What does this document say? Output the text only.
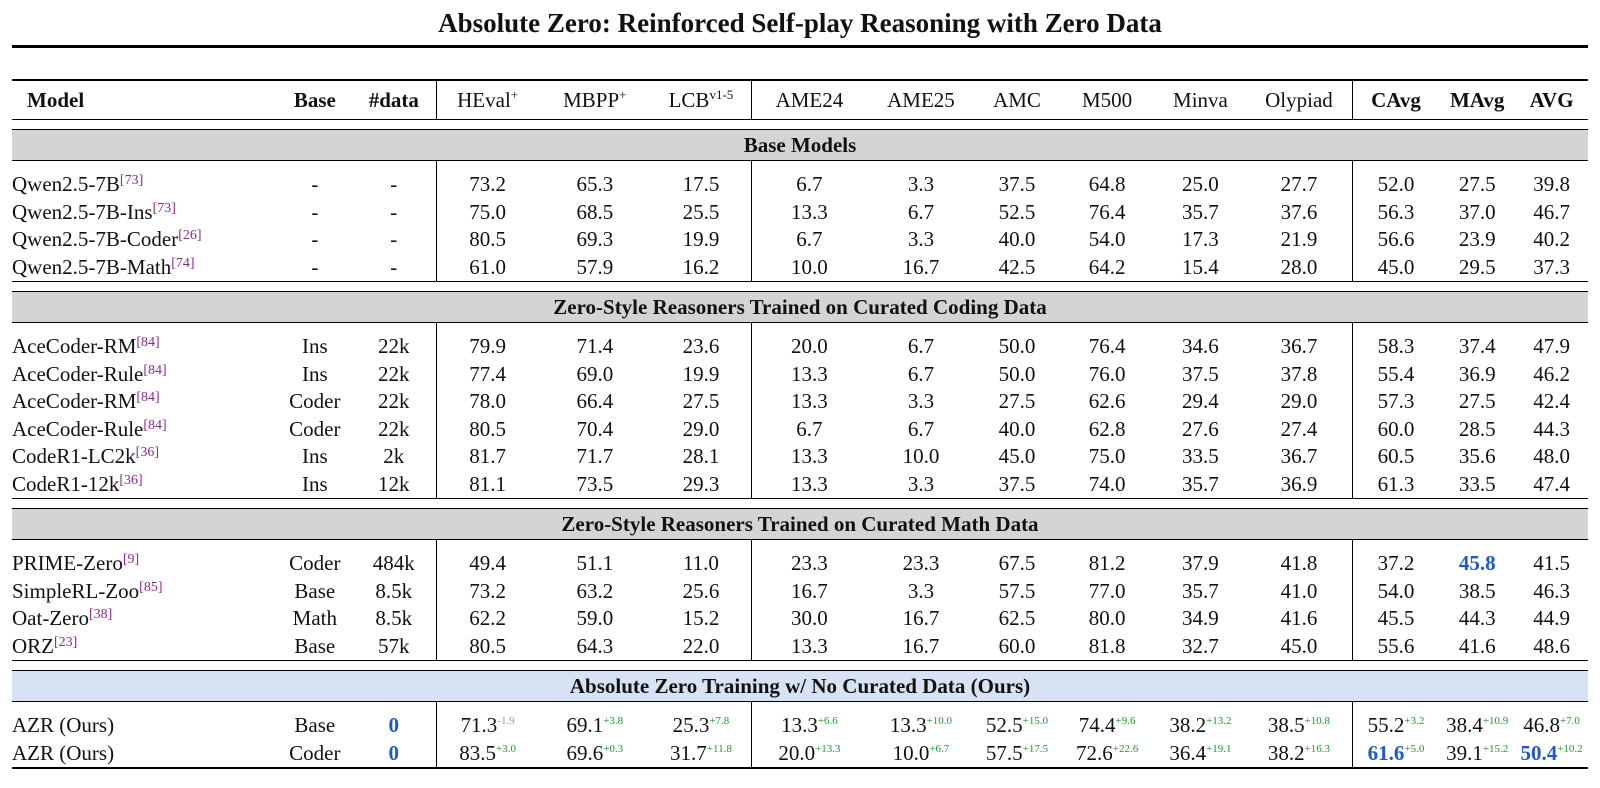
Absolute Zero: Reinforced Self-play Reasoning with Zero Data
Model	Base	#data	HEval+	MBPP+	$LCB^{v1-5}$	AME24	AME25	AMC	M500	Minva	Olypiad	CAvg	MAvg	AVG

Base Models														

Qwen2.5-7B[73]	-	-	73.2	65.3	17.5	6.7	3.3	37.5	64.8	25.0	27.7	52.0	27.5	39.8
Qwen2.5-7B-Ins[73]	-	-	75.0	68.5	25.5	13.3	6.7	52.5	76.4	35.7	37.6	56.3	37.0	46.7
Qwen2.5-7B-Coder[26]	-	-	80.5	69.3	19.9	6.7	3.3	40.0	54.0	17.3	21.9	56.6	23.9	40.2
Qwen2.5-7B-Math[74]	-	-	61.0	57.9	16.2	10.0	16.7	42.5	64.2	15.4	28.0	45.0	29.5	37.3

Zero-Style Reasoners Trained on Curated Coding Data														

AceCoder-RM[84]	Ins	22k	79.9	71.4	23.6	20.0	6.7	50.0	76.4	34.6	36.7	58.3	37.4	47.9
AceCoder-Rule[84]	Ins	22k	77.4	69.0	19.9	13.3	6.7	50.0	76.0	37.5	37.8	55.4	36.9	46.2
AceCoder-RM[84]	Coder	22k	78.0	66.4	27.5	13.3	3.3	27.5	62.6	29.4	29.0	57.3	27.5	42.4
AceCoder-Rule[84]	Coder	22k	80.5	70.4	29.0	6.7	6.7	40.0	62.8	27.6	27.4	60.0	28.5	44.3
CodeR1-LC2k[36]	Ins	2k	81.7	71.7	28.1	13.3	10.0	45.0	75.0	33.5	36.7	60.5	35.6	48.0
CodeR1-12k[36]	Ins	12k	81.1	73.5	29.3	13.3	3.3	37.5	74.0	35.7	36.9	61.3	33.5	47.4

Zero-Style Reasoners Trained on Curated Math Data														

PRIME-Zero[9]	Coder	484k	49.4	51.1	11.0	23.3	23.3	67.5	81.2	37.9	41.8	37.2	45.8	41.5
SimpleRL-Zoo[85]	Base	8.5k	73.2	63.2	25.6	16.7	3.3	57.5	77.0	35.7	41.0	54.0	38.5	46.3
Oat-Zero[38]	Math	8.5k	62.2	59.0	15.2	30.0	16.7	62.5	80.0	34.9	41.6	45.5	44.3	44.9
ORZ[23]	Base	57k	80.5	64.3	22.0	13.3	16.7	60.0	81.8	32.7	45.0	55.6	41.6	48.6

Absolute Zero Training w/ No Curated Data (Ours)														

AZR (Ours)	Base	0	$71.3^{-1.9}$	$69.1^{+3.8}$	$25.3^{+7.8}$	$13.3^{+6.6}$	$13.3^{+10.0}$	$52.5^{+15.0}$	$74.4^{+9.6}$	$38.2^{+13.2}$	$38.5^{+10.8}$	$55.2^{+3.2}$	$38.4^{+10.9}$	$46.8^{+7.0}$
AZR (Ours)	Coder	0	$83.5^{+3.0}$	$69.6^{+0.3}$	$31.7^{+11.8}$	$20.0^{+13.3}$	$10.0^{+6.7}$	$57.5^{+17.5}$	$72.6^{+22.6}$	$36.4^{+19.1}$	$38.2^{+16.3}$	$61.6^{+5.0}$	$39.1^{+15.2}$	$50.4^{+10.2}$
